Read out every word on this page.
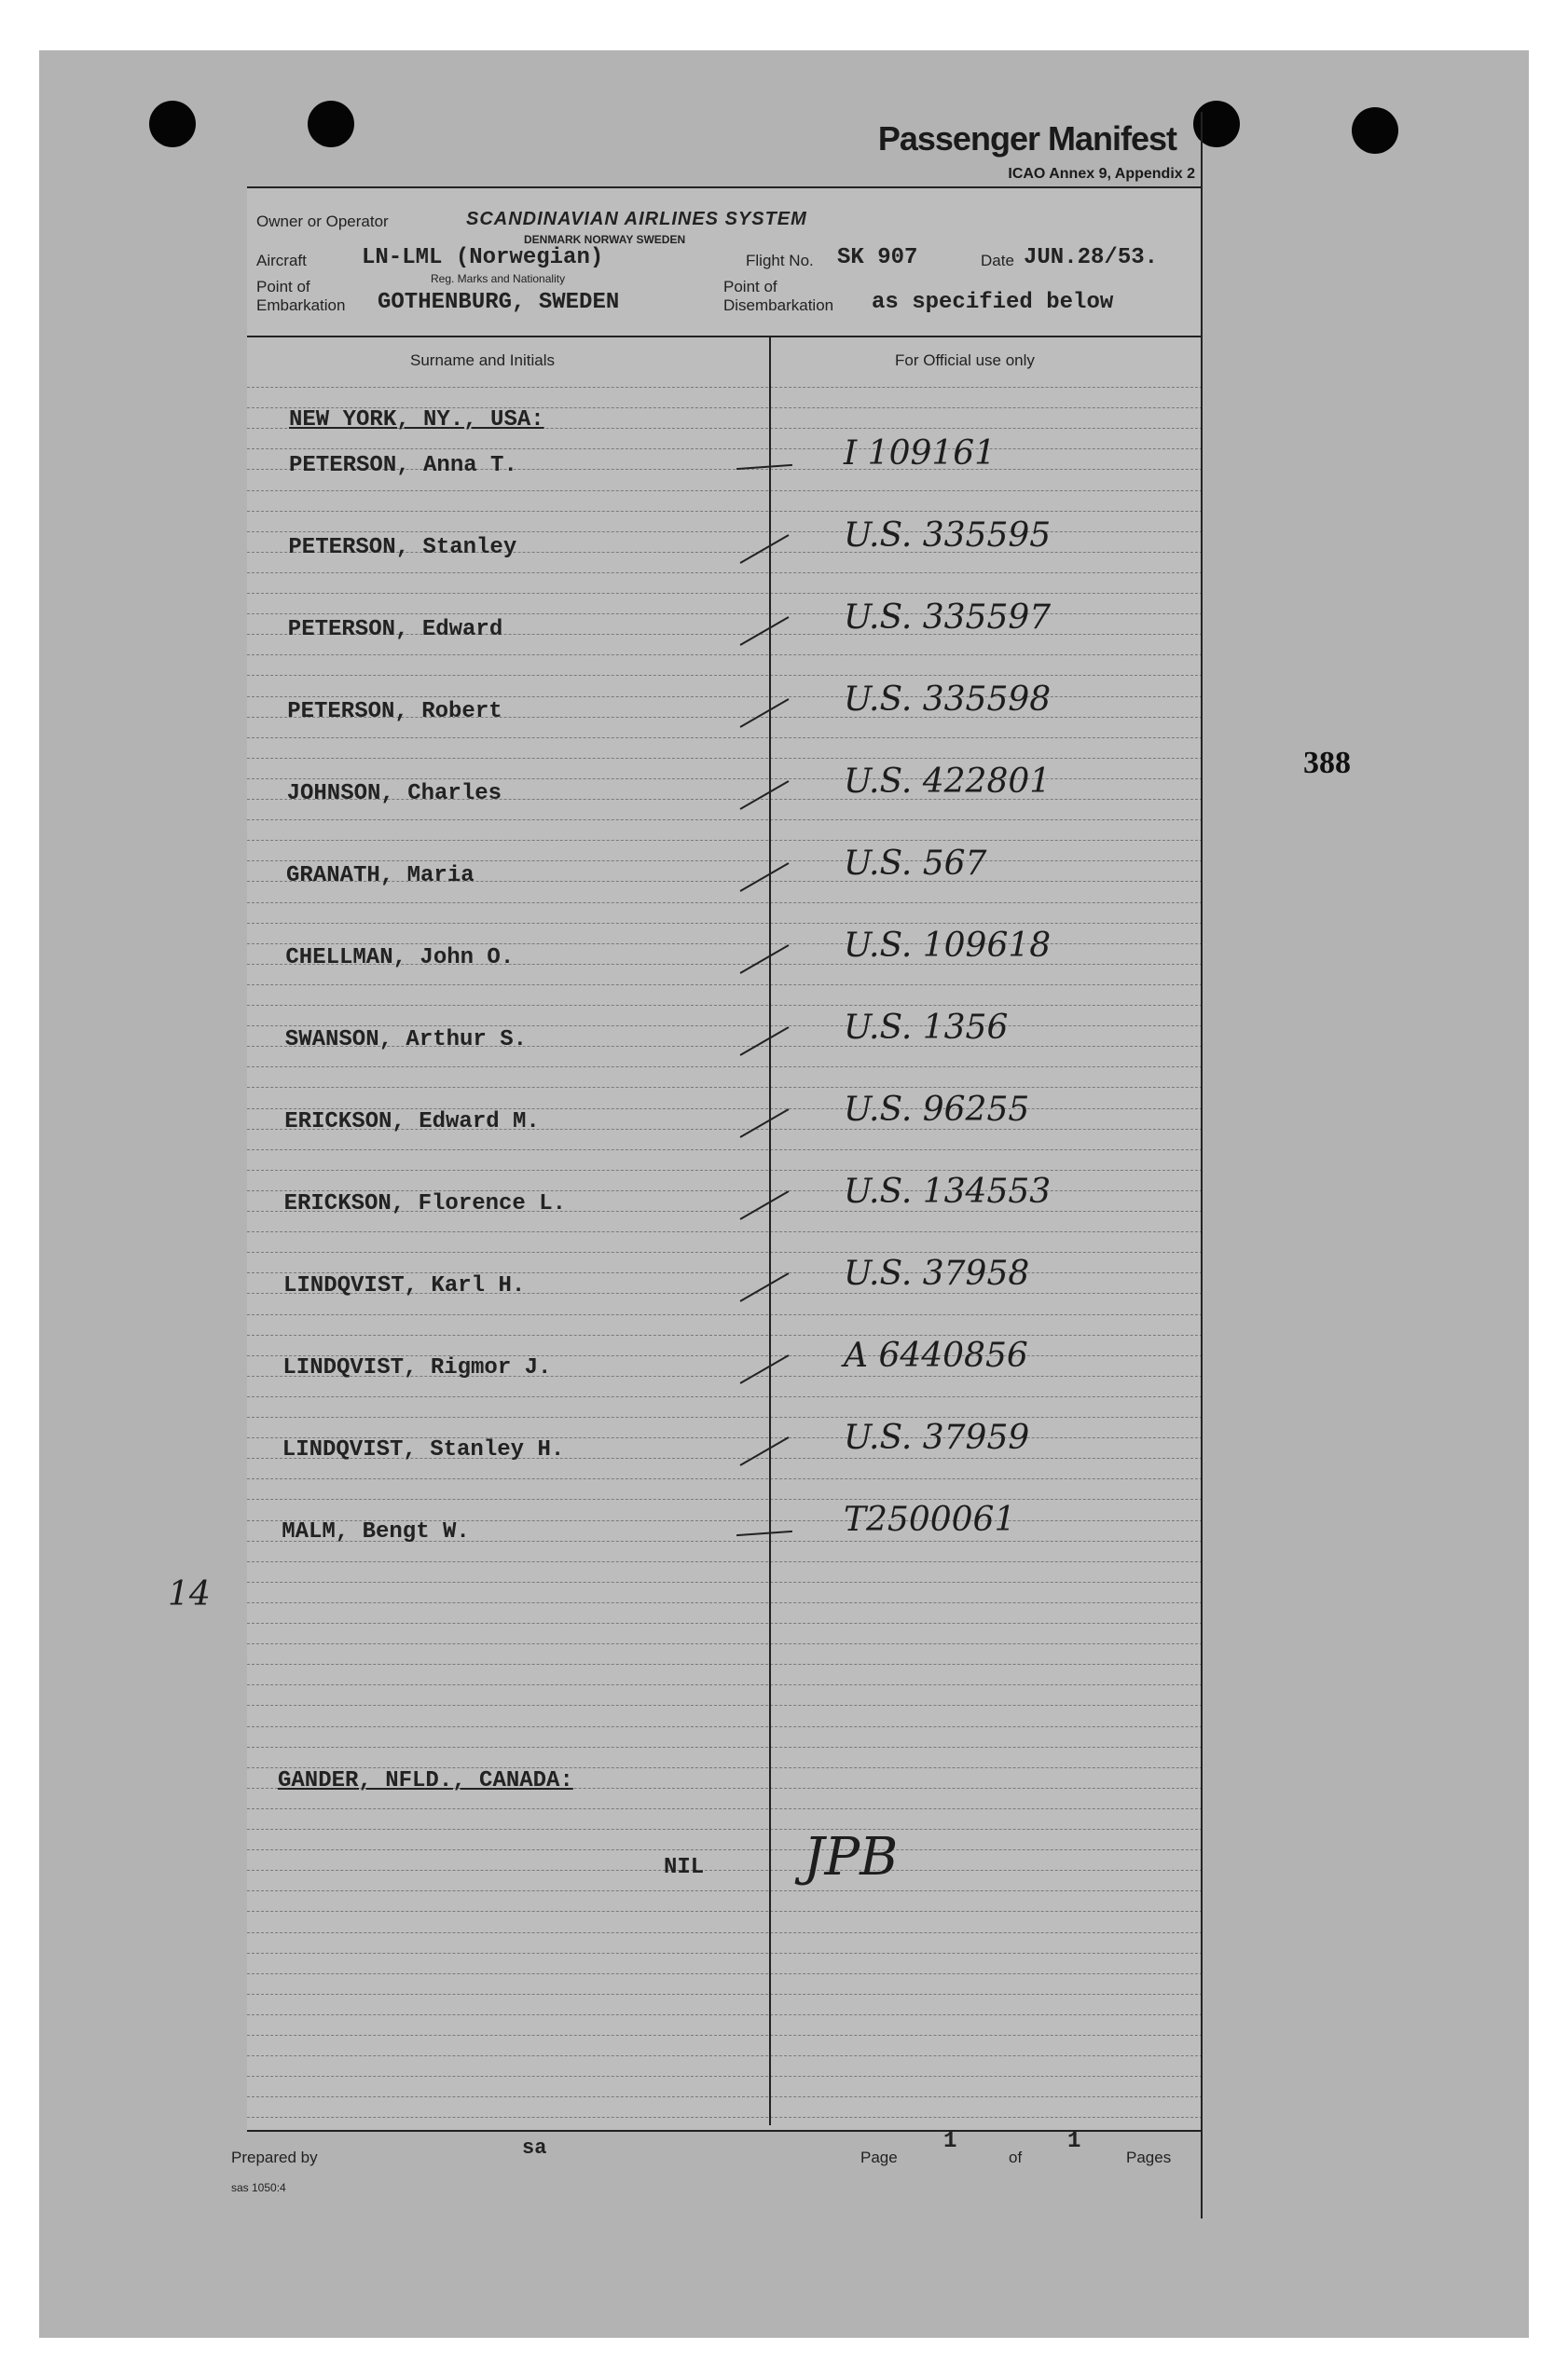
Passenger Manifest
ICAO Annex 9, Appendix 2
Owner or Operator	SCANDINAVIAN AIRLINES SYSTEM
DENMARK NORWAY SWEDEN
Aircraft LN-LML (Norwegian)
Reg. Marks and Nationality
Flight No. SK 907	Date JUN.28/53.
Point of
Embarkation GOTHENBURG, SWEDEN
Point of
Disembarkation as specified below
Surname and Initials	For Official use only
NEW YORK, NY., USA:
PETERSON, Anna T.	I 109161
PETERSON, Stanley	U.S. 335595
PETERSON, Edward	U.S. 335597
PETERSON, Robert	U.S. 335598
JOHNSON, Charles	U.S. 422801
GRANATH, Maria	U.S. 567
CHELLMAN, John O.	U.S. 109618
SWANSON, Arthur S.	U.S. 1356
ERICKSON, Edward M.	U.S. 96255
ERICKSON, Florence L.	U.S. 134553
LINDQVIST, Karl H.	U.S. 37958
LINDQVIST, Rigmor J.	A 6440856
LINDQVIST, Stanley H.	U.S. 37959
MALM, Bengt W.	T2500061
14
GANDER, NFLD., CANADA:
NIL JPB
Prepared by	sa	Page
1
of
1
Pages
sas 1050:4
388
